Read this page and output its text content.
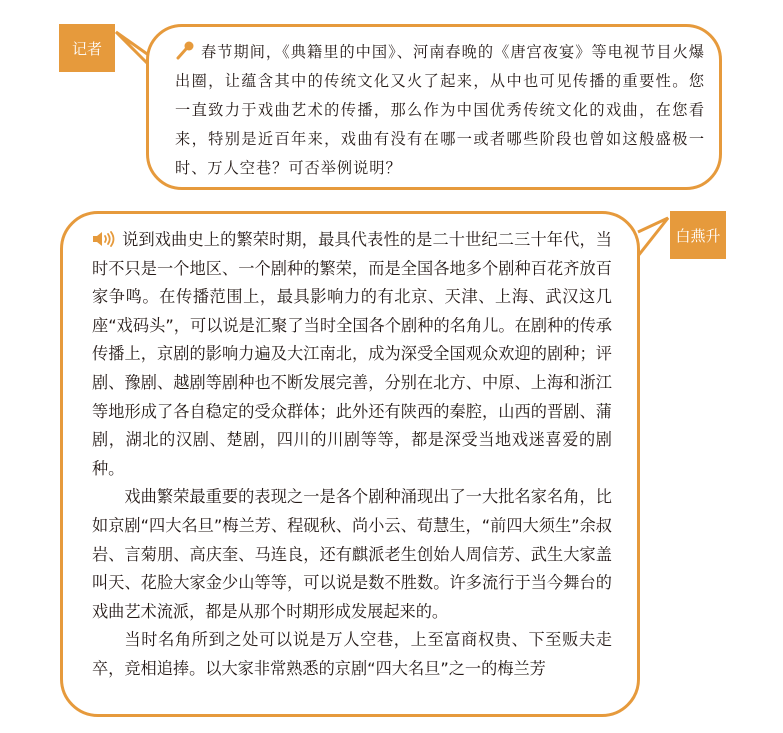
记者	春节期间，《典籍里的中国》、河南春晚的《唐宫夜宴》等电视节目火爆出圈，让蕴含其中的传统文化又火了起来，从中也可见传播的重要性。您一直致力于戏曲艺术的传播，那么作为中国优秀传统文化的戏曲，在您看来，特别是近百年来，戏曲有没有在哪一或者哪些阶段也曾如这般盛极一时、万人空巷？可否举例说明？
白燕升

说到戏曲史上的繁荣时期，最具代表性的是二十世纪二三十年代，当时不只是一个地区、一个剧种的繁荣，而是全国各地多个剧种百花齐放百家争鸣。在传播范围上，最具影响力的有北京、天津、上海、武汉这几座“戏码头”，可以说是汇聚了当时全国各个剧种的名角儿。在剧种的传承传播上，京剧的影响力遍及大江南北，成为深受全国观众欢迎的剧种；评剧、豫剧、越剧等剧种也不断发展完善，分别在北方、中原、上海和浙江等地形成了各自稳定的受众群体；此外还有陕西的秦腔，山西的晋剧、蒲剧，湖北的汉剧、楚剧，四川的川剧等等，都是深受当地戏迷喜爱的剧种。

戏曲繁荣最重要的表现之一是各个剧种涌现出了一大批名家名角，比如京剧“四大名旦”梅兰芳、程砚秋、尚小云、荀慧生，“前四大须生”余叔岩、言菊朋、高庆奎、马连良，还有麒派老生创始人周信芳、武生大家盖叫天、花脸大家金少山等等，可以说是数不胜数。许多流行于当今舞台的戏曲艺术流派，都是从那个时期形成发展起来的。

当时名角所到之处可以说是万人空巷，上至富商权贵、下至贩夫走卒，竞相追捧。以大家非常熟悉的京剧“四大名旦”之一的梅兰芳
